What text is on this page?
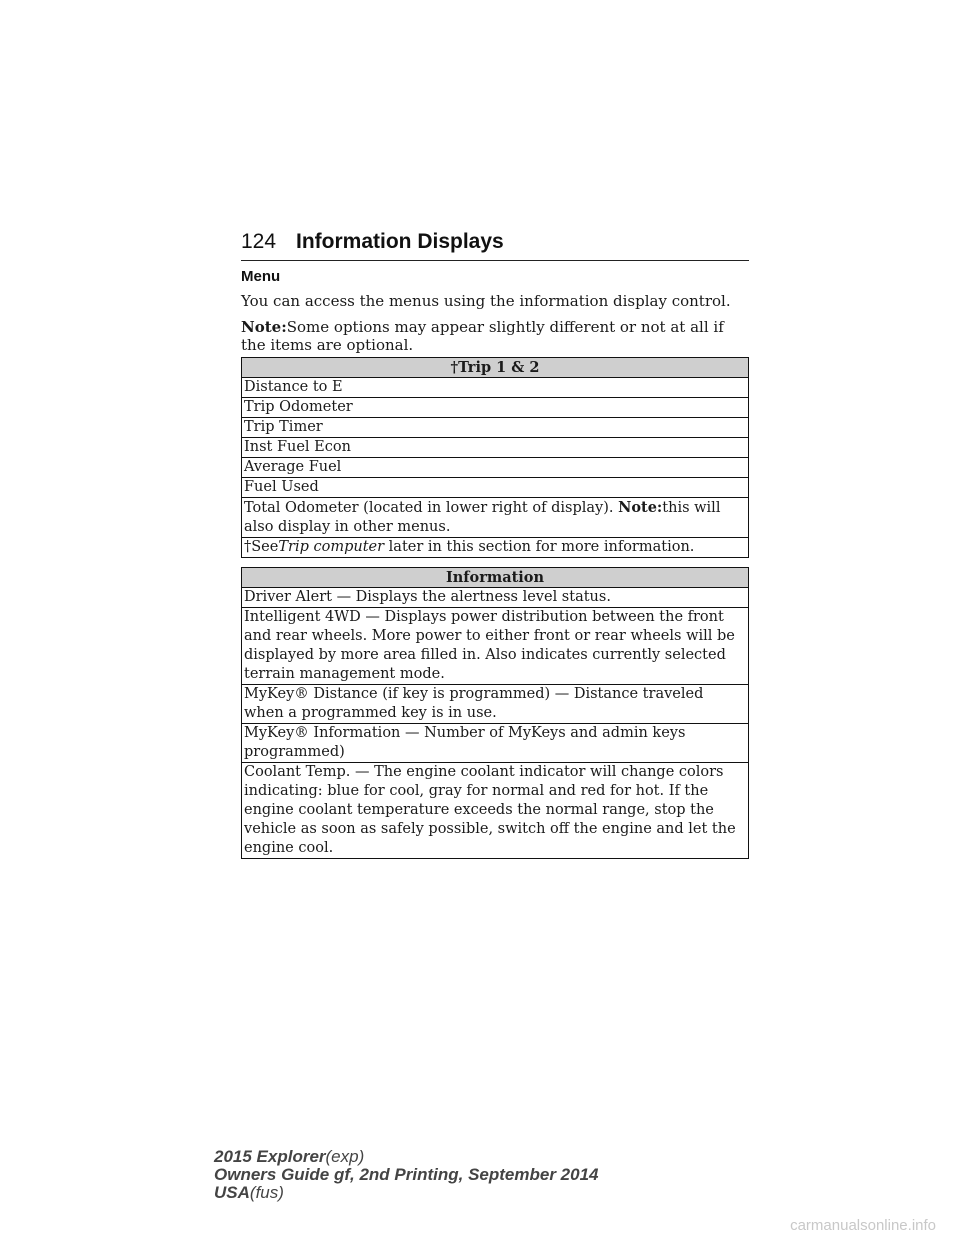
124 Information Displays
Menu
You can access the menus using the information display control.
Note:Some options may appear slightly different or not at all if the items are optional.
†Trip 1 & 2
Distance to E
Trip Odometer
Trip Timer
Inst Fuel Econ
Average Fuel
Fuel Used
Total Odometer (located in lower right of display). Note:this will also display in other menus.
†SeeTrip computer later in this section for more information.
Information
Driver Alert — Displays the alertness level status.
Intelligent 4WD — Displays power distribution between the front and rear wheels. More power to either front or rear wheels will be displayed by more area filled in. Also indicates currently selected terrain management mode.
MyKey® Distance (if key is programmed) — Distance traveled when a programmed key is in use.
MyKey® Information — Number of MyKeys and admin keys programmed)
Coolant Temp. — The engine coolant indicator will change colors indicating: blue for cool, gray for normal and red for hot. If the engine coolant temperature exceeds the normal range, stop the vehicle as soon as safely possible, switch off the engine and let the engine cool.
2015 Explorer(exp)
Owners Guide gf, 2nd Printing, September 2014
USA(fus)
carmanualsonline.info
